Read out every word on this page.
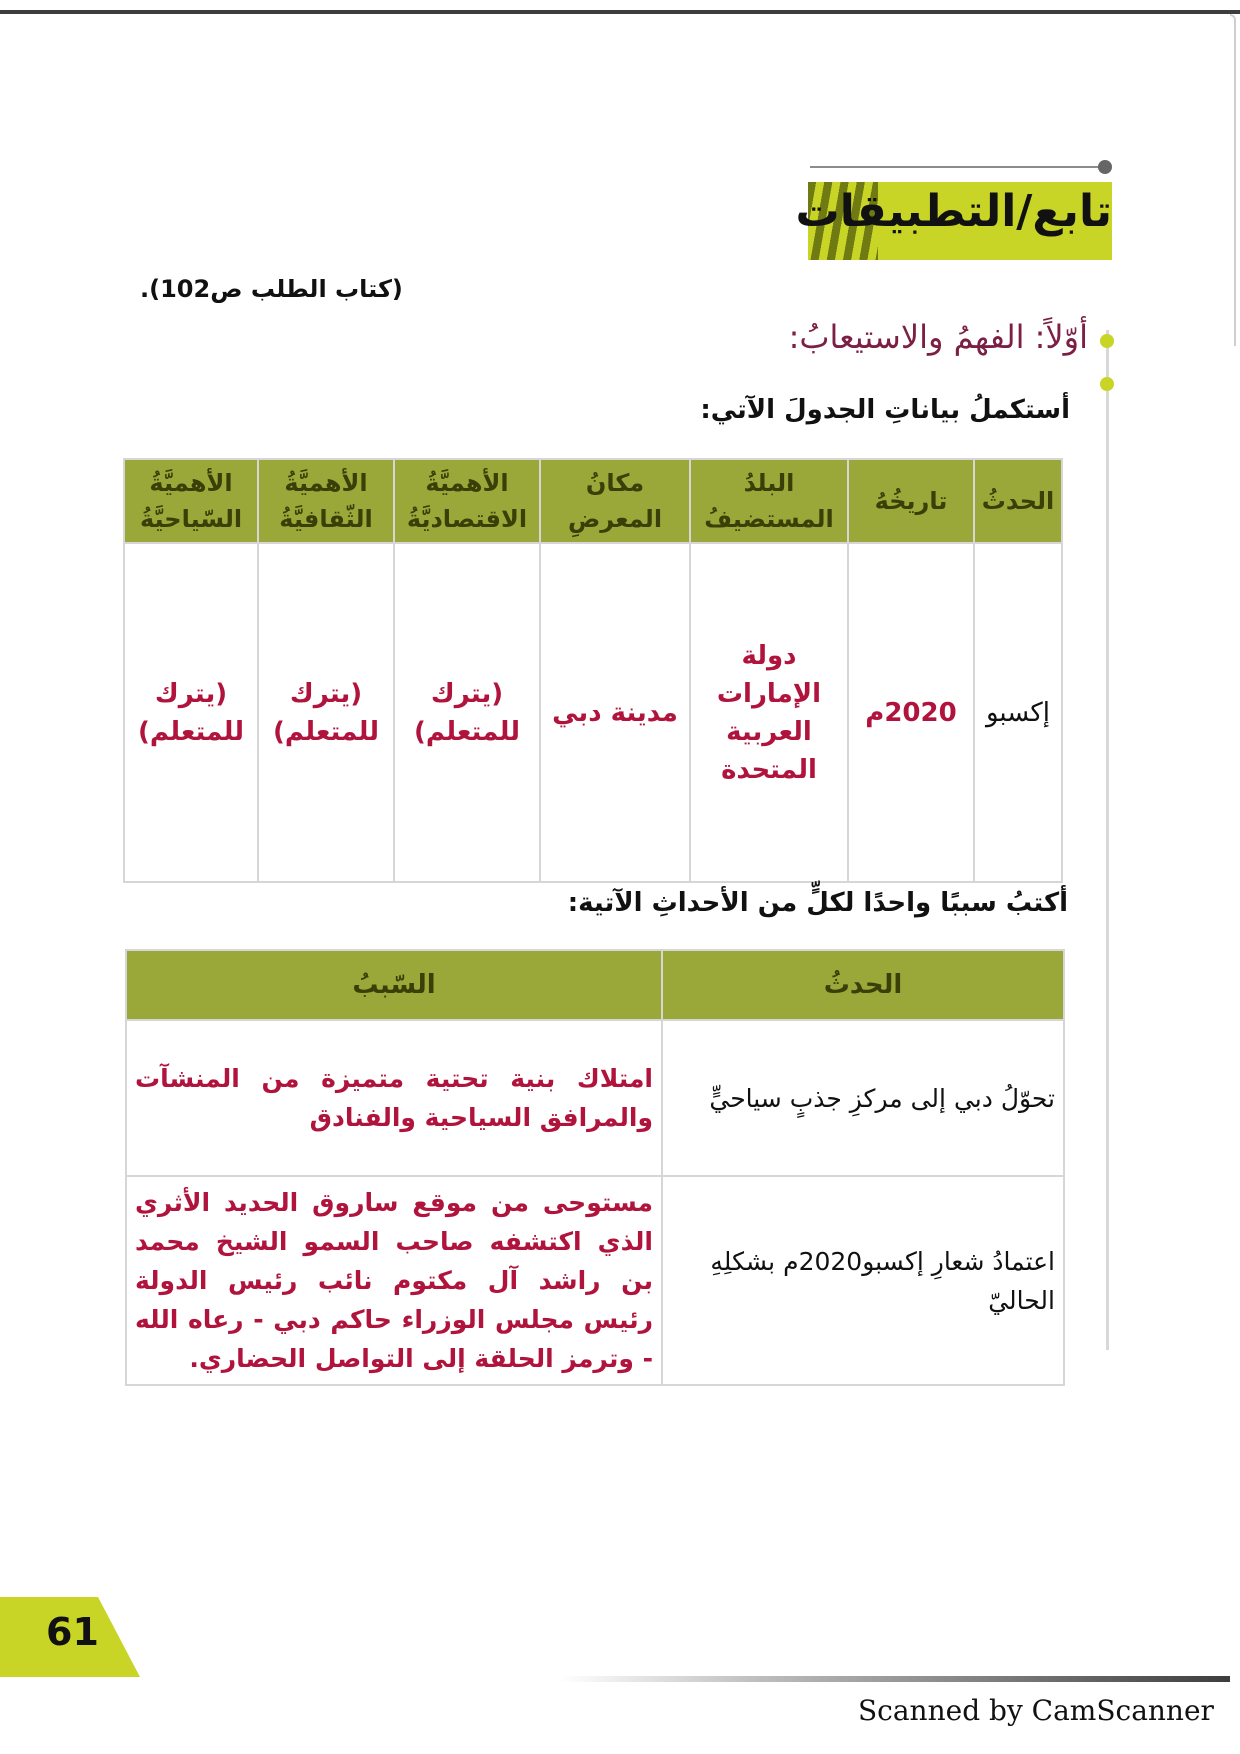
تابع/التطبيقات
(كتاب الطلب ص102).
أوّلاً: الفهمُ والاستيعابُ:
أستكملُ بياناتِ الجدولَ الآتي:
الحدثُ	تاريخُهُ	البلدُ المستضيفُ	مكانُ المعرضِ	الأهميَّةُ الاقتصاديَّةُ	الأهميَّةُ الثّقافيَّةُ	الأهميَّةُ السّياحيَّةُ
إكسبو	2020م	دولة الإمارات العربية المتحدة	مدينة دبي	(يترك للمتعلم)	(يترك للمتعلم)	(يترك للمتعلم)
أكتبُ سببًا واحدًا لكلٍّ من الأحداثِ الآتية:
الحدثُ	السّببُ
تحوّلُ دبي إلى مركزِ جذبٍ سياحيٍّ	امتلاك بنية تحتية متميزة من المنشآت والمرافق السياحية والفنادق
اعتمادُ شعارِ إكسبو2020م بشكلِهِ الحاليّ	مستوحى من موقع ساروق الحديد الأثري الذي اكتشفه صاحب السمو الشيخ محمد بن راشد آل مكتوم نائب رئيس الدولة رئيس مجلس الوزراء حاكم دبي - رعاه الله - وترمز الحلقة إلى التواصل الحضاري.
61
Scanned by CamScanner
